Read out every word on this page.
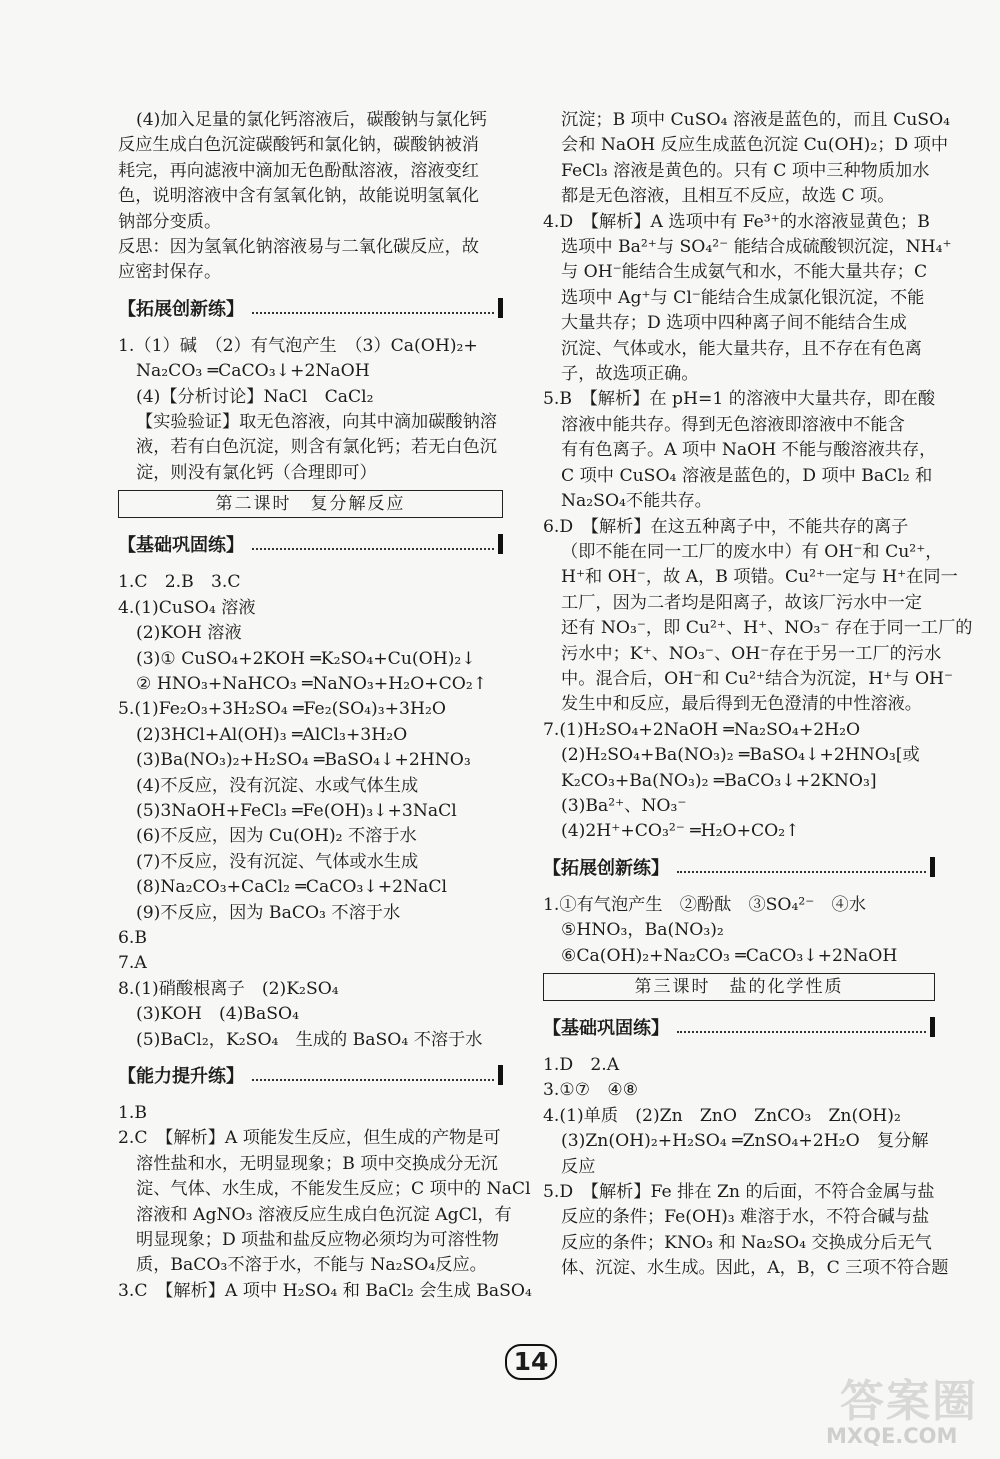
(4)加入足量的氯化钙溶液后，碳酸钠与氯化钙
反应生成白色沉淀碳酸钙和氯化钠，碳酸钠被消
耗完，再向滤液中滴加无色酚酞溶液，溶液变红
色，说明溶液中含有氢氧化钠，故能说明氢氧化
钠部分变质。
反思：因为氢氧化钠溶液易与二氧化碳反应，故
应密封保存。
【拓展创新练】
1.（1）碱　（2）有气泡产生　（3）Ca(OH)₂+
Na₂CO₃ ═CaCO₃↓+2NaOH
(4)【分析讨论】NaCl　CaCl₂
【实验验证】取无色溶液，向其中滴加碳酸钠溶
液，若有白色沉淀，则含有氯化钙；若无白色沉
淀，则没有氯化钙（合理即可）
第二课时　复分解反应
【基础巩固练】
1.C　2.B　3.C
4.(1)CuSO₄ 溶液
(2)KOH 溶液
(3)① CuSO₄+2KOH ═K₂SO₄+Cu(OH)₂↓
② HNO₃+NaHCO₃ ═NaNO₃+H₂O+CO₂↑
5.(1)Fe₂O₃+3H₂SO₄ ═Fe₂(SO₄)₃+3H₂O
(2)3HCl+Al(OH)₃ ═AlCl₃+3H₂O
(3)Ba(NO₃)₂+H₂SO₄ ═BaSO₄↓+2HNO₃
(4)不反应，没有沉淀、水或气体生成
(5)3NaOH+FeCl₃ ═Fe(OH)₃↓+3NaCl
(6)不反应，因为 Cu(OH)₂ 不溶于水
(7)不反应，没有沉淀、气体或水生成
(8)Na₂CO₃+CaCl₂ ═CaCO₃↓+2NaCl
(9)不反应，因为 BaCO₃ 不溶于水
6.B
7.A
8.(1)硝酸根离子　(2)K₂SO₄
(3)KOH　(4)BaSO₄
(5)BaCl₂，K₂SO₄　生成的 BaSO₄ 不溶于水
【能力提升练】
1.B
2.C　【解析】A 项能发生反应，但生成的产物是可
溶性盐和水，无明显现象；B 项中交换成分无沉
淀、气体、水生成，不能发生反应；C 项中的 NaCl
溶液和 AgNO₃ 溶液反应生成白色沉淀 AgCl，有
明显现象；D 项盐和盐反应物必须均为可溶性物
质，BaCO₃不溶于水，不能与 Na₂SO₄反应。
3.C　【解析】A 项中 H₂SO₄ 和 BaCl₂ 会生成 BaSO₄
沉淀；B 项中 CuSO₄ 溶液是蓝色的，而且 CuSO₄
会和 NaOH 反应生成蓝色沉淀 Cu(OH)₂；D 项中
FeCl₃ 溶液是黄色的。只有 C 项中三种物质加水
都是无色溶液，且相互不反应，故选 C 项。
4.D　【解析】A 选项中有 Fe³⁺的水溶液显黄色；B
选项中 Ba²⁺与 SO₄²⁻ 能结合成硫酸钡沉淀，NH₄⁺
与 OH⁻能结合生成氨气和水，不能大量共存；C
选项中 Ag⁺与 Cl⁻能结合生成氯化银沉淀，不能
大量共存；D 选项中四种离子间不能结合生成
沉淀、气体或水，能大量共存，且不存在有色离
子，故选项正确。
5.B　【解析】在 pH=1 的溶液中大量共存，即在酸
溶液中能共存。得到无色溶液即溶液中不能含
有有色离子。A 项中 NaOH 不能与酸溶液共存，
C 项中 CuSO₄ 溶液是蓝色的，D 项中 BaCl₂ 和
Na₂SO₄不能共存。
6.D　【解析】在这五种离子中，不能共存的离子
（即不能在同一工厂的废水中）有 OH⁻和 Cu²⁺，
H⁺和 OH⁻，故 A，B 项错。Cu²⁺一定与 H⁺在同一
工厂，因为二者均是阳离子，故该厂污水中一定
还有 NO₃⁻，即 Cu²⁺、H⁺、NO₃⁻ 存在于同一工厂的
污水中；K⁺、NO₃⁻、OH⁻存在于另一工厂的污水
中。混合后，OH⁻和 Cu²⁺结合为沉淀，H⁺与 OH⁻
发生中和反应，最后得到无色澄清的中性溶液。
7.(1)H₂SO₄+2NaOH ═Na₂SO₄+2H₂O
(2)H₂SO₄+Ba(NO₃)₂ ═BaSO₄↓+2HNO₃[或
K₂CO₃+Ba(NO₃)₂ ═BaCO₃↓+2KNO₃]
(3)Ba²⁺、NO₃⁻
(4)2H⁺+CO₃²⁻ ═H₂O+CO₂↑
【拓展创新练】
1.①有气泡产生　②酚酞　③SO₄²⁻　④水
⑤HNO₃，Ba(NO₃)₂
⑥Ca(OH)₂+Na₂CO₃ ═CaCO₃↓+2NaOH
第三课时　盐的化学性质
【基础巩固练】
1.D　2.A
3.①⑦　④⑧
4.(1)单质　(2)Zn　ZnO　ZnCO₃　Zn(OH)₂
(3)Zn(OH)₂+H₂SO₄ ═ZnSO₄+2H₂O　复分解
反应
5.D　【解析】Fe 排在 Zn 的后面，不符合金属与盐
反应的条件；Fe(OH)₃ 难溶于水，不符合碱与盐
反应的条件；KNO₃ 和 Na₂SO₄ 交换成分后无气
体、沉淀、水生成。因此，A，B，C 三项不符合题
14
答案圈
MXQE.COM
